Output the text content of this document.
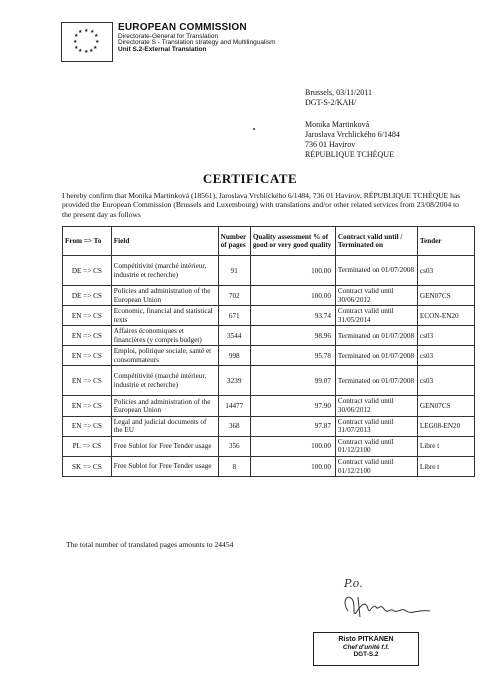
★ ★
★
★
★
★
★
★
★
★
★
★	EUROPEAN COMMISSION
Directorate-General for Translation
Directorate S - Translation strategy and Multilingualism
Unit S.2-External Translation
Brussels, 03/11/2011
DGT-S-2/KAH/
Monika Martinková
Jaroslava Vrchlického 6/1484
736 01 Havirov
RÉPUBLIQUE TCHÈQUE
CERTIFICATE
I hereby confirm that Monika Martinková (18561), Jaroslava Vrchlického 6/1484, 736 01 Havirov, RÉPUBLIQUE TCHÈQUE has provided the European Commission (Brussels and Luxembourg) with translations and/or other related services from 23/08/2004 to the present day as follows
From => To	Field	Number of pages	Quality assessment % of good or very good quality	Contract valid until / Terminated on	Tender
DE => CS	Compétitivité (marché intérieur, industrie et recherche)	91	100.00	Terminated on 01/07/2008	cs03
DE => CS	Policies and administration of the European Union	702	100.00	Contract valid until 30/06/2012	GEN07CS
EN => CS	Economic, financial and statistical texts	671	93.74	Contract valid until 31/05/2014	ECON-EN20
EN => CS	Affaires économiques et financières (y compris budget)	3544	98.96	Terminated on 01/07/2008	cs03
EN => CS	Emploi, politique sociale, santé et consommateurs	998	95.78	Terminated on 01/07/2008	cs03
EN => CS	Compétitivité (marché intérieur, industrie et recherche)	3239	99.07	Terminated on 01/07/2008	cs03
EN => CS	Policies and administration of the European Union	14477	97.90	Contract valid until 30/06/2012	GEN07CS
EN => CS	Legal and judicial documents of the EU	368	97.87	Contract valid until 31/07/2013	LEG08-EN20
PL => CS	Free Sublot for Free Tender usage	356	100.00	Contract valid until 01/12/2100	Libre t
SK => CS	Free Sublot for Free Tender usage	8	100.00	Contract valid until 01/12/2100	Libre t
The total number of translated pages amounts to 24454
P.o.
Risto PITKÄNEN
Chef d'unité f.f.
DGT-S.2
